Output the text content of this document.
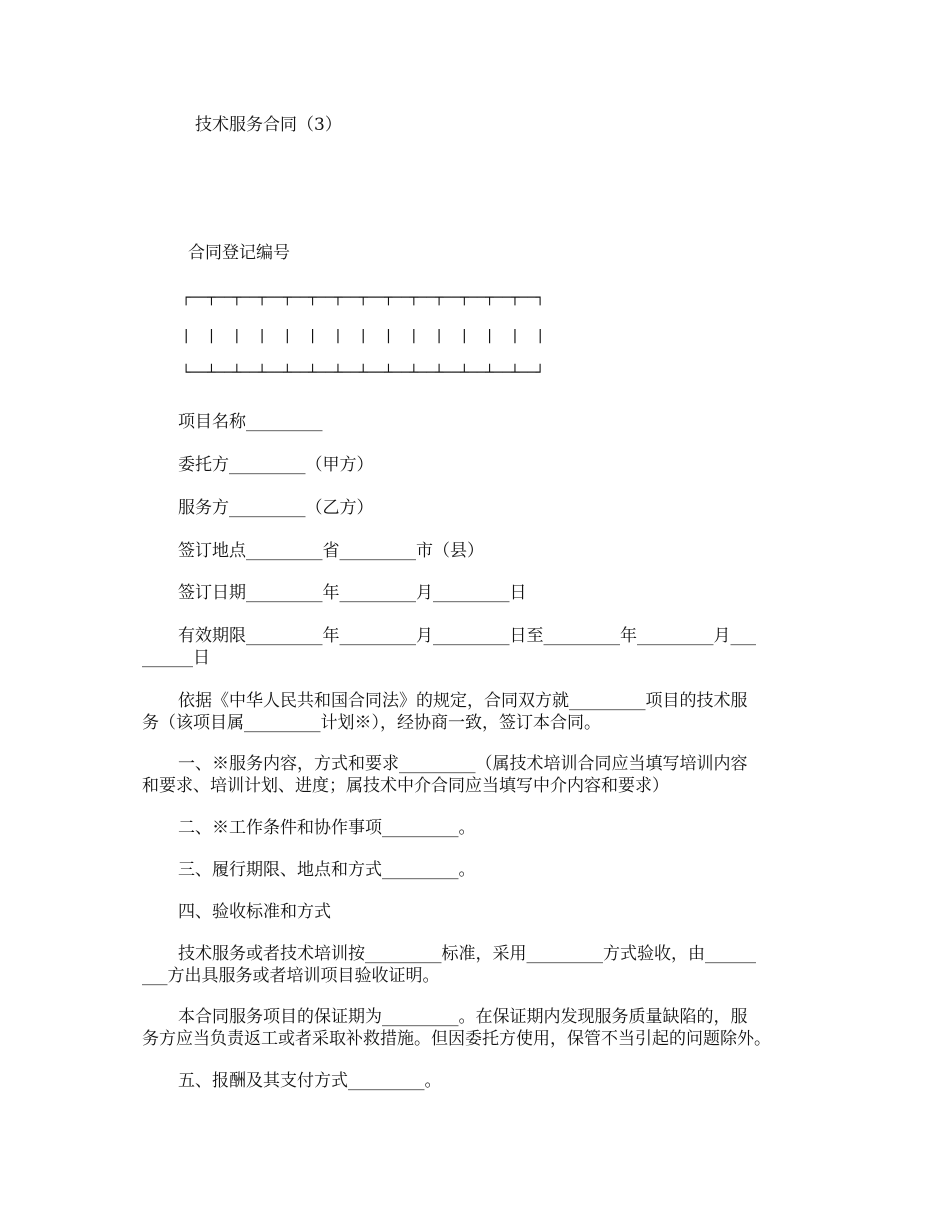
技术服务合同（3）
合同登记编号
┌──┬──┬──┬──┬──┬──┬──┬──┬──┬──┬──┬──┬──┬──┐
|  |  |  |  |  |  |  |  |  |  |  |  |  |  |
└──┴──┴──┴──┴──┴──┴──┴──┴──┴──┴──┴──┴──┴──┘
项目名称_________
委托方_________（甲方）
服务方_________（乙方）
签订地点_________省_________市（县）
签订日期_________年_________月_________日
有效期限_________年_________月_________日至_________年_________月___
______日
依据《中华人民共和国合同法》的规定，合同双方就_________项目的技术服
务（该项目属_________计划※），经协商一致，签订本合同。
一、※服务内容，方式和要求_________（属技术培训合同应当填写培训内容
和要求、培训计划、进度；属技术中介合同应当填写中介内容和要求）
二、※工作条件和协作事项_________。
三、履行期限、地点和方式_________。
四、验收标准和方式
技术服务或者技术培训按_________标准，采用_________方式验收，由______
___方出具服务或者培训项目验收证明。
本合同服务项目的保证期为_________。在保证期内发现服务质量缺陷的，服
务方应当负责返工或者采取补救措施。但因委托方使用，保管不当引起的问题除外。
五、报酬及其支付方式_________。
